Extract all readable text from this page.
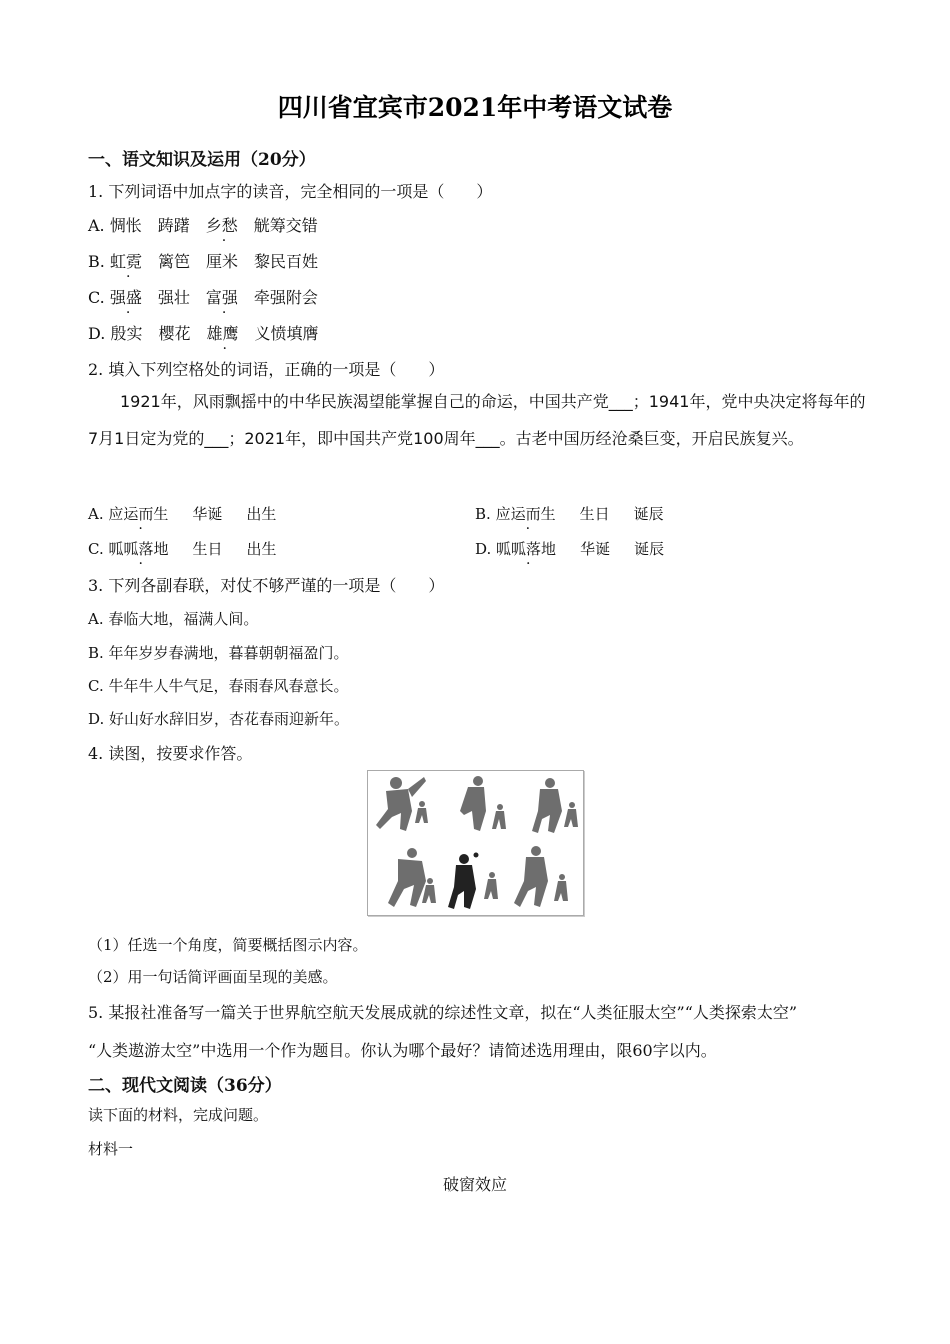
四川省宜宾市2021年中考语文试卷
一、语文知识及运用（20分）
1. 下列词语中加点字的读音，完全相同的一项是（　　）
A. 惆怅 踌躇 乡愁 觥筹交错
B. 虹霓 篱笆 厘米 黎民百姓
C. 强盛 强壮 富强 牵强附会
D. 殷实 樱花 雄鹰 义愤填膺
2. 填入下列空格处的词语，正确的一项是（　　）
1921年，风雨飘摇中的中华民族渴望能掌握自己的命运，中国共产党___；1941年，党中央决定将每年的7月1日定为党的___；2021年，即中国共产党100周年___。古老中国历经沧桑巨变，开启民族复兴。
A. 应运而生 华诞 出生	B. 应运而生 生日 诞辰
C. 呱呱落地 生日 出生	D. 呱呱落地 华诞 诞辰
3. 下列各副春联，对仗不够严谨的一项是（　　）
A. 春临大地，福满人间。
B. 年年岁岁春满地，暮暮朝朝福盈门。
C. 牛年牛人牛气足，春雨春风春意长。
D. 好山好水辞旧岁，杏花春雨迎新年。
4. 读图，按要求作答。
（1）任选一个角度，简要概括图示内容。
（2）用一句话简评画面呈现的美感。
5. 某报社准备写一篇关于世界航空航天发展成就的综述性文章，拟在“人类征服太空”“人类探索太空”
“人类遨游太空”中选用一个作为题目。你认为哪个最好？请简述选用理由，限60字以内。
二、现代文阅读（36分）
读下面的材料，完成问题。
材料一
破窗效应
